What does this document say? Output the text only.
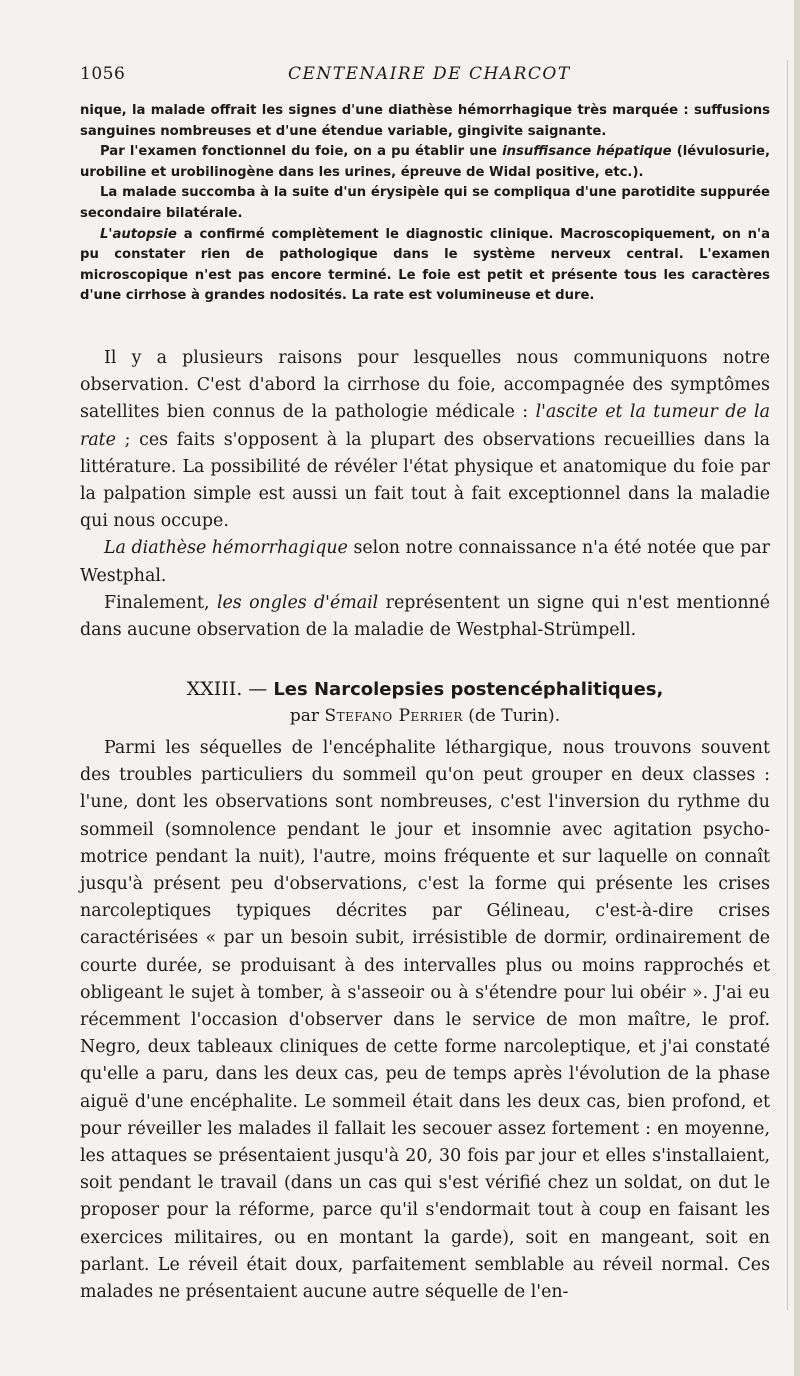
1056	CENTENAIRE DE CHARCOT

nique, la malade offrait les signes d'une diathèse hémorrhagique très marquée : suffusions sanguines nombreuses et d'une étendue variable, gingivite saignante.

Par l'examen fonctionnel du foie, on a pu établir une insuffisance hépatique (lévulosurie, urobiline et urobilinogène dans les urines, épreuve de Widal positive, etc.).

La malade succomba à la suite d'un érysipèle qui se compliqua d'une parotidite suppurée secondaire bilatérale.

L'autopsie a confirmé complètement le diagnostic clinique. Macroscopiquement, on n'a pu constater rien de pathologique dans le système nerveux central. L'examen microscopique n'est pas encore terminé. Le foie est petit et présente tous les caractères d'une cirrhose à grandes nodosités. La rate est volumineuse et dure.

Il y a plusieurs raisons pour lesquelles nous communiquons notre observation. C'est d'abord la cirrhose du foie, accompagnée des symptômes satellites bien connus de la pathologie médicale : l'ascite et la tumeur de la rate ; ces faits s'opposent à la plupart des observations recueillies dans la littérature. La possibilité de révéler l'état physique et anatomique du foie par la palpation simple est aussi un fait tout à fait exceptionnel dans la maladie qui nous occupe.

La diathèse hémorrhagique selon notre connaissance n'a été notée que par Westphal.

Finalement, les ongles d'émail représentent un signe qui n'est mentionné dans aucune observation de la maladie de Westphal-Strümpell.

XXIII. — Les Narcolepsies postencéphalitiques,
par Stefano Perrier (de Turin).

Parmi les séquelles de l'encéphalite léthargique, nous trouvons souvent des troubles particuliers du sommeil qu'on peut grouper en deux classes : l'une, dont les observations sont nombreuses, c'est l'inversion du rythme du sommeil (somnolence pendant le jour et insomnie avec agitation psycho-motrice pendant la nuit), l'autre, moins fréquente et sur laquelle on connaît jusqu'à présent peu d'observations, c'est la forme qui présente les crises narcoleptiques typiques décrites par Gélineau, c'est-à-dire crises caractérisées « par un besoin subit, irrésistible de dormir, ordinairement de courte durée, se produisant à des intervalles plus ou moins rapprochés et obligeant le sujet à tomber, à s'asseoir ou à s'étendre pour lui obéir ». J'ai eu récemment l'occasion d'observer dans le service de mon maître, le prof. Negro, deux tableaux cliniques de cette forme narcoleptique, et j'ai constaté qu'elle a paru, dans les deux cas, peu de temps après l'évolution de la phase aiguë d'une encéphalite. Le sommeil était dans les deux cas, bien profond, et pour réveiller les malades il fallait les secouer assez fortement : en moyenne, les attaques se présentaient jusqu'à 20, 30 fois par jour et elles s'installaient, soit pendant le travail (dans un cas qui s'est vérifié chez un soldat, on dut le proposer pour la réforme, parce qu'il s'endormait tout à coup en faisant les exercices militaires, ou en montant la garde), soit en mangeant, soit en parlant. Le réveil était doux, parfaitement semblable au réveil normal. Ces malades ne présentaient aucune autre séquelle de l'en-
